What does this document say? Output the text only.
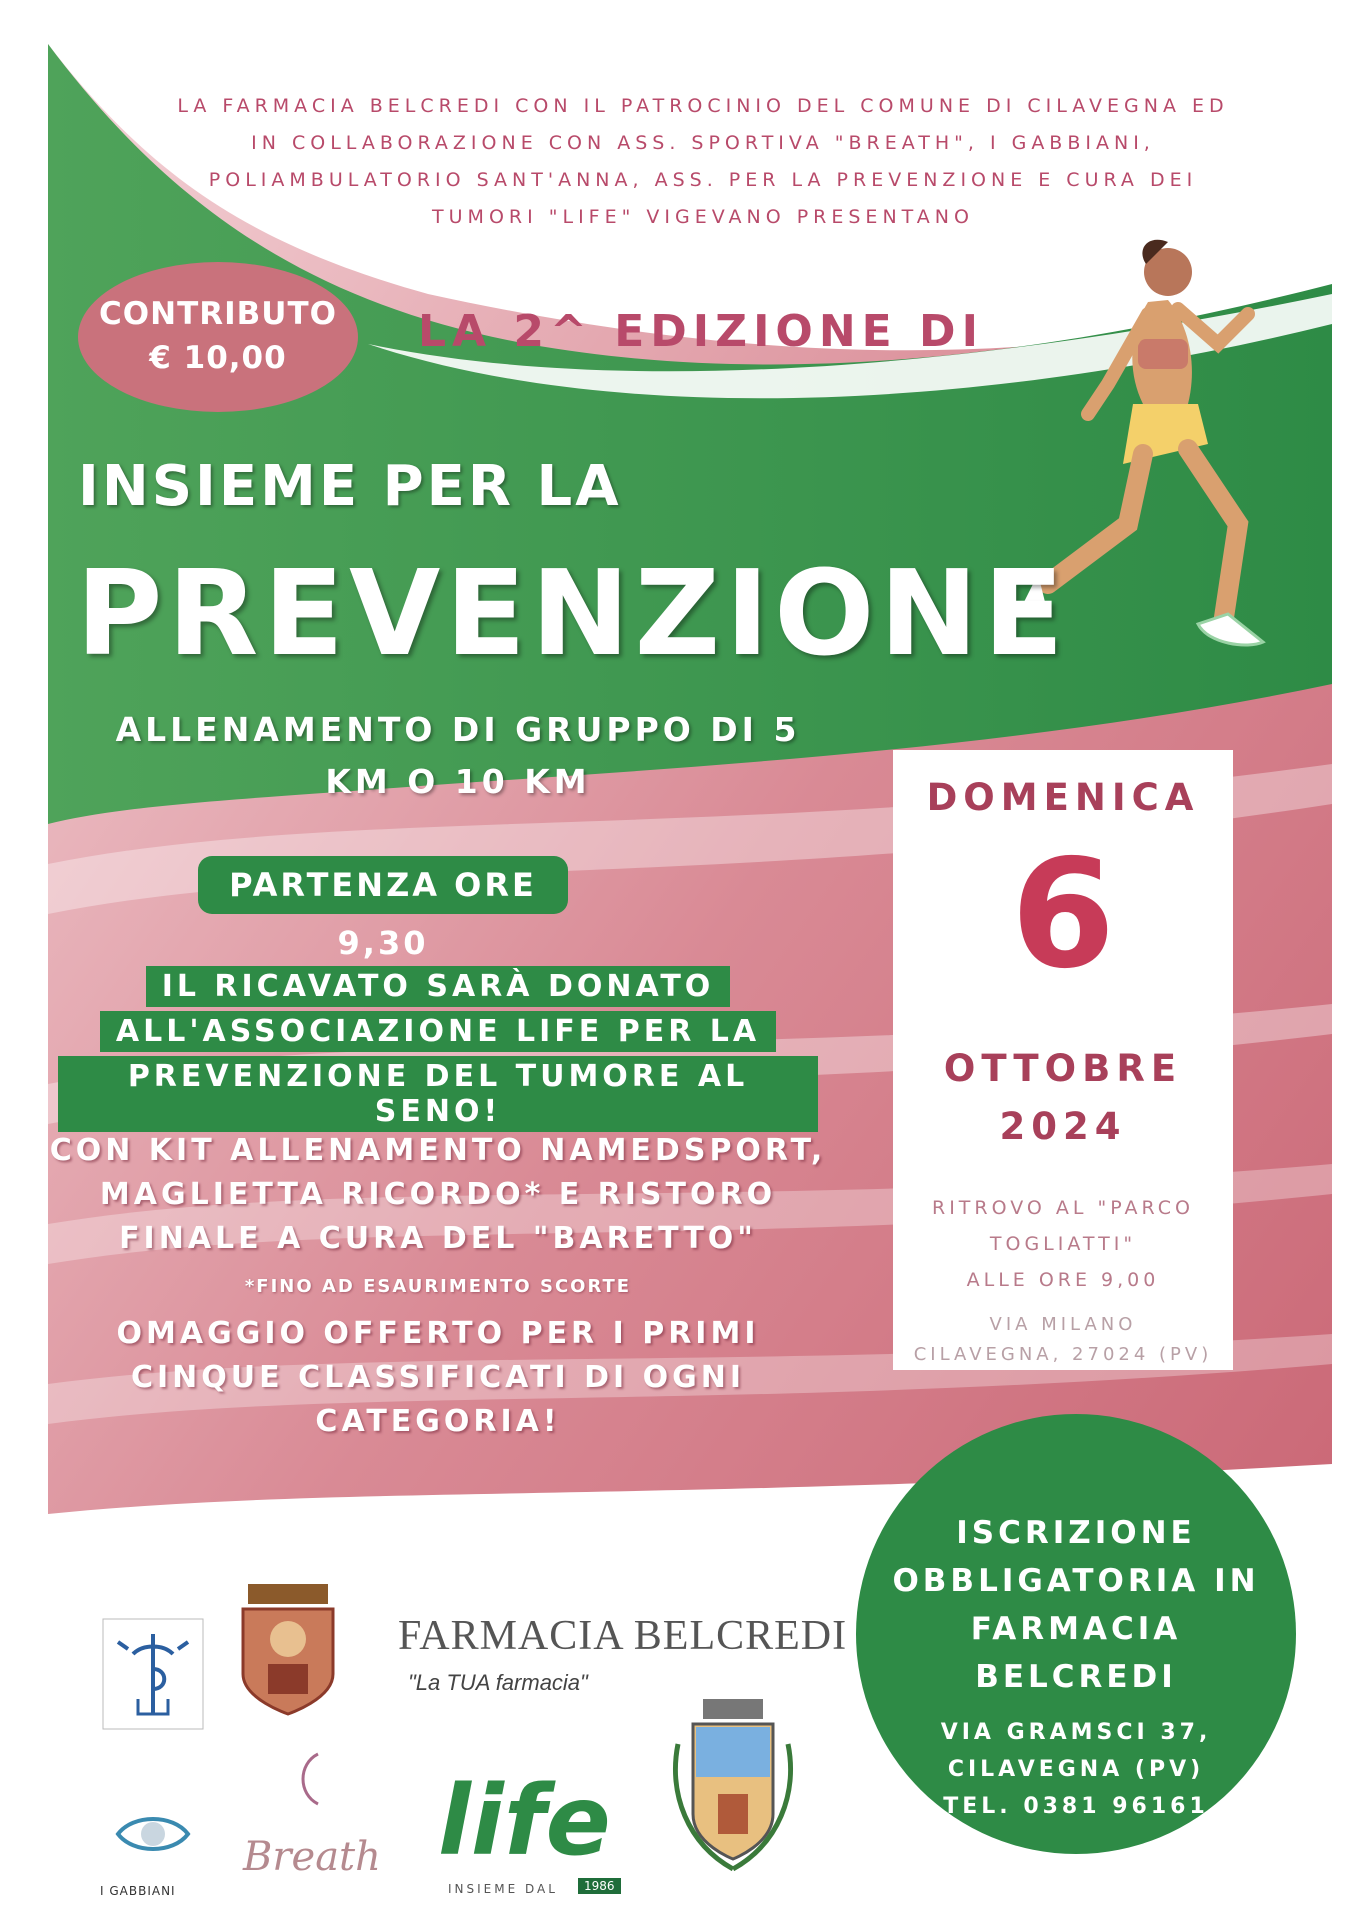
LA FARMACIA BELCREDI CON IL PATROCINIO DEL COMUNE DI CILAVEGNA ED
IN COLLABORAZIONE CON ASS. SPORTIVA "BREATH", I GABBIANI,
POLIAMBULATORIO SANT'ANNA, ASS. PER LA PREVENZIONE E CURA DEI
TUMORI "LIFE" VIGEVANO PRESENTANO
CONTRIBUTO
€ 10,00
LA 2^ EDIZIONE DI
INSIEME PER LA
PREVENZIONE
ALLENAMENTO DI GRUPPO DI 5
KM O 10 KM
PARTENZA ORE 9,30
IL RICAVATO SARÀ DONATO
ALL'ASSOCIAZIONE LIFE PER LA
PREVENZIONE DEL TUMORE AL SENO!
CON KIT ALLENAMENTO NAMEDSPORT,
MAGLIETTA RICORDO* E RISTORO
FINALE A CURA DEL "BARETTO"
*FINO AD ESAURIMENTO SCORTE
OMAGGIO OFFERTO PER I PRIMI
CINQUE CLASSIFICATI DI OGNI
CATEGORIA!
DOMENICA
6
OTTOBRE
2024
RITROVO AL "PARCO
TOGLIATTI"
ALLE ORE 9,00
VIA MILANO
CILAVEGNA, 27024 (PV)
ISCRIZIONE
OBBLIGATORIA IN
FARMACIA
BELCREDI
VIA GRAMSCI 37,
CILAVEGNA (PV)
TEL. 0381 96161
FARMACIA BELCREDI
"La TUA farmacia"
I GABBIANI
Breath life
INSIEME DAL	1986
